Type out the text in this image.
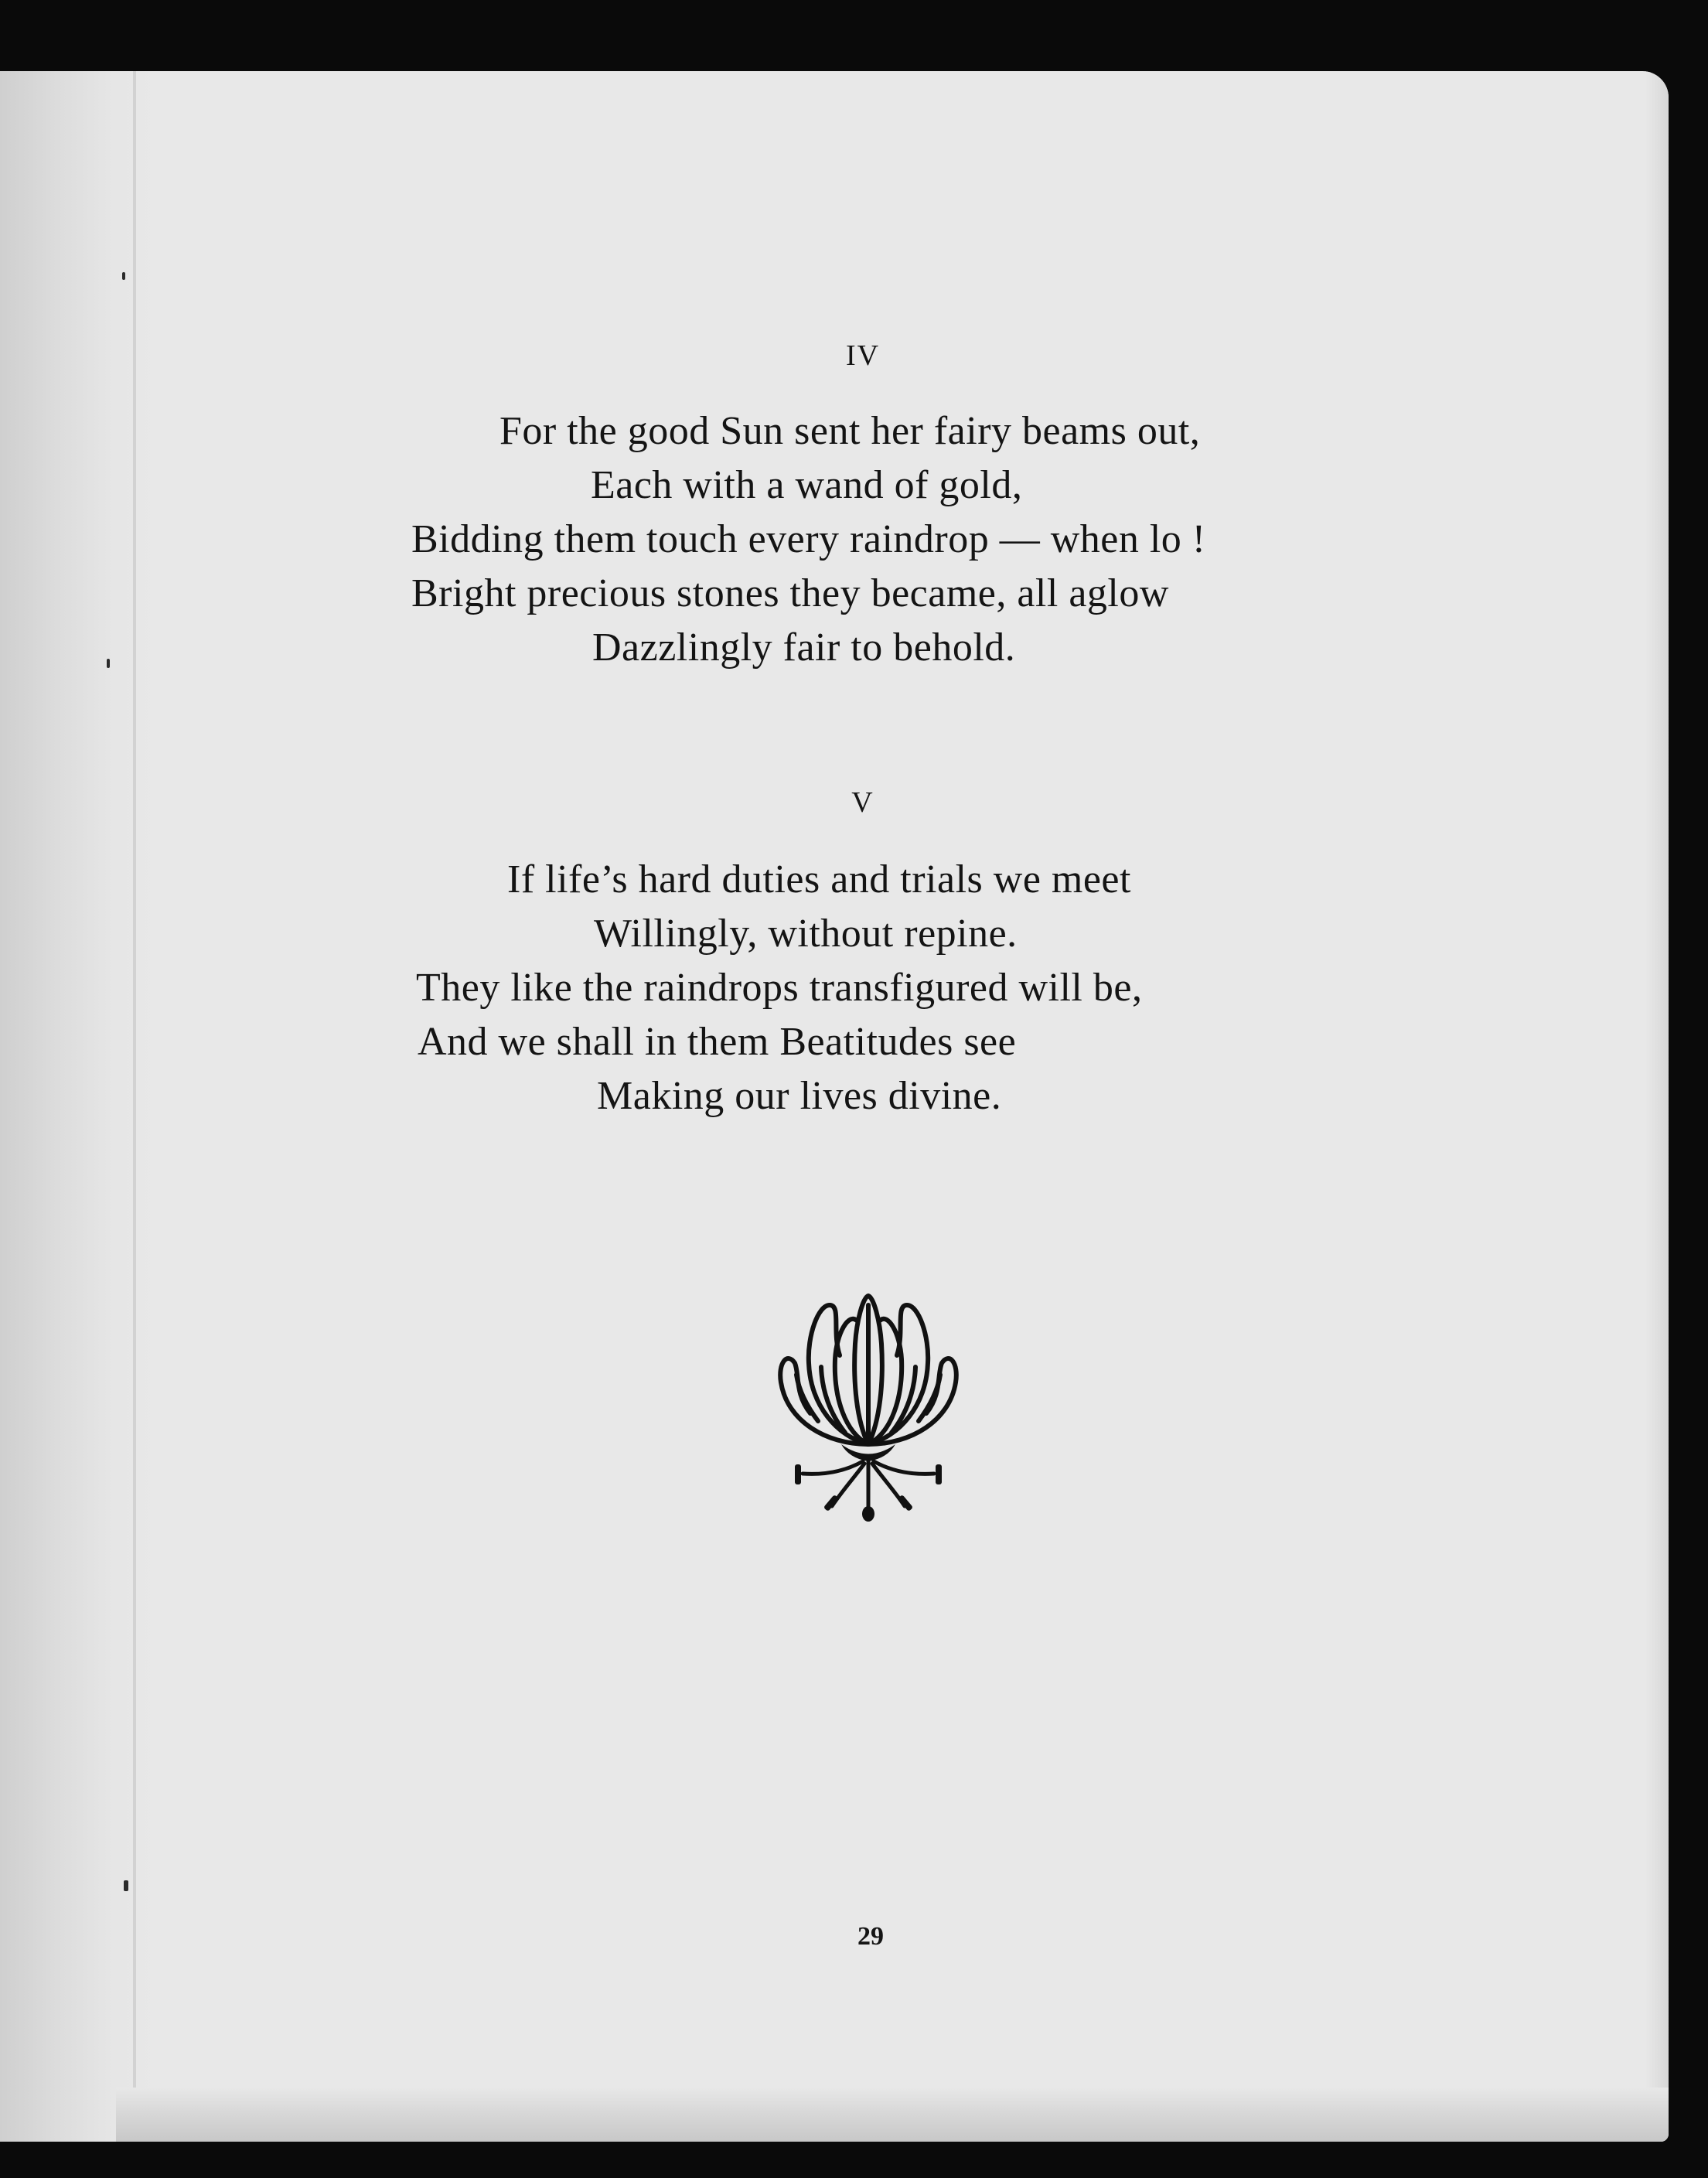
IV
For the good Sun sent her fairy beams out,
Each with a wand of gold,
Bidding them touch every raindrop — when lo !
Bright precious stones they became, all aglow
Dazzlingly fair to behold.
V
If life’s hard duties and trials we meet
Willingly, without repine.
They like the raindrops transfigured will be,
And we shall in them Beatitudes see
Making our lives divine.
29
